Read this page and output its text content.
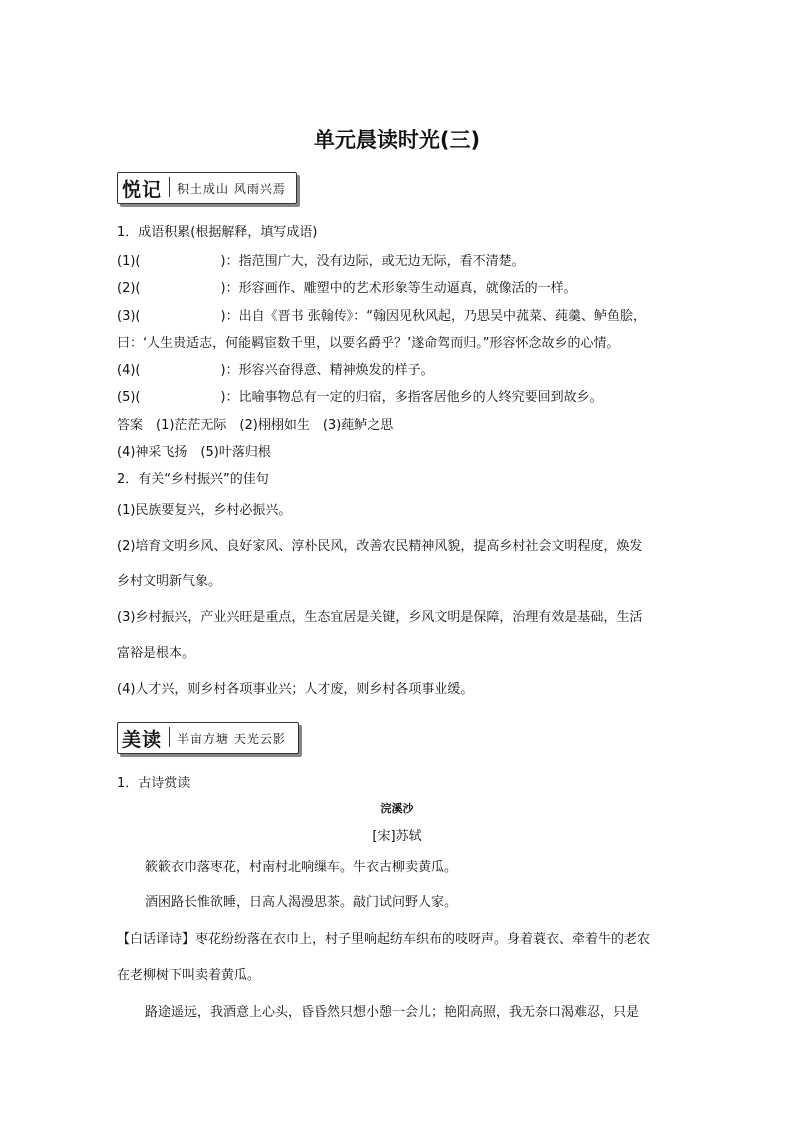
单元晨读时光(三)
悦记 积土成山 风雨兴焉
1．成语积累(根据解释，填写成语)
(1)(	)：指范围广大，没有边际，或无边无际，看不清楚。
(2)(	)：形容画作、雕塑中的艺术形象等生动逼真，就像活的一样。
(3)(	)：出自《晋书 张翰传》：“翰因见秋风起，乃思吴中菰菜、莼羹、鲈鱼脍，
曰：‘人生贵适志，何能羁宦数千里，以要名爵乎？’遂命驾而归。”形容怀念故乡的心情。
(4)(	)：形容兴奋得意、精神焕发的样子。
(5)(	)：比喻事物总有一定的归宿，多指客居他乡的人终究要回到故乡。
答案　(1)茫茫无际　(2)栩栩如生　(3)莼鲈之思
(4)神采飞扬　(5)叶落归根
2．有关“乡村振兴”的佳句
(1)民族要复兴，乡村必振兴。
(2)培育文明乡风、良好家风、淳朴民风，改善农民精神风貌，提高乡村社会文明程度，焕发
乡村文明新气象。
(3)乡村振兴，产业兴旺是重点，生态宜居是关键，乡风文明是保障，治理有效是基础，生活
富裕是根本。
(4)人才兴，则乡村各项事业兴；人才废，则乡村各项事业缓。
美读 半亩方塘 天光云影
1．古诗赏读
浣溪沙
[宋]苏轼
簌簌衣巾落枣花，村南村北响缫车。牛衣古柳卖黄瓜。
酒困路长惟欲睡，日高人渴漫思茶。敲门试问野人家。
【白话译诗】枣花纷纷落在衣巾上，村子里响起纺车织布的吱呀声。身着蓑衣、牵着牛的老农
在老柳树下叫卖着黄瓜。
路途遥远，我酒意上心头，昏昏然只想小憩一会儿；艳阳高照，我无奈口渴难忍，只是
